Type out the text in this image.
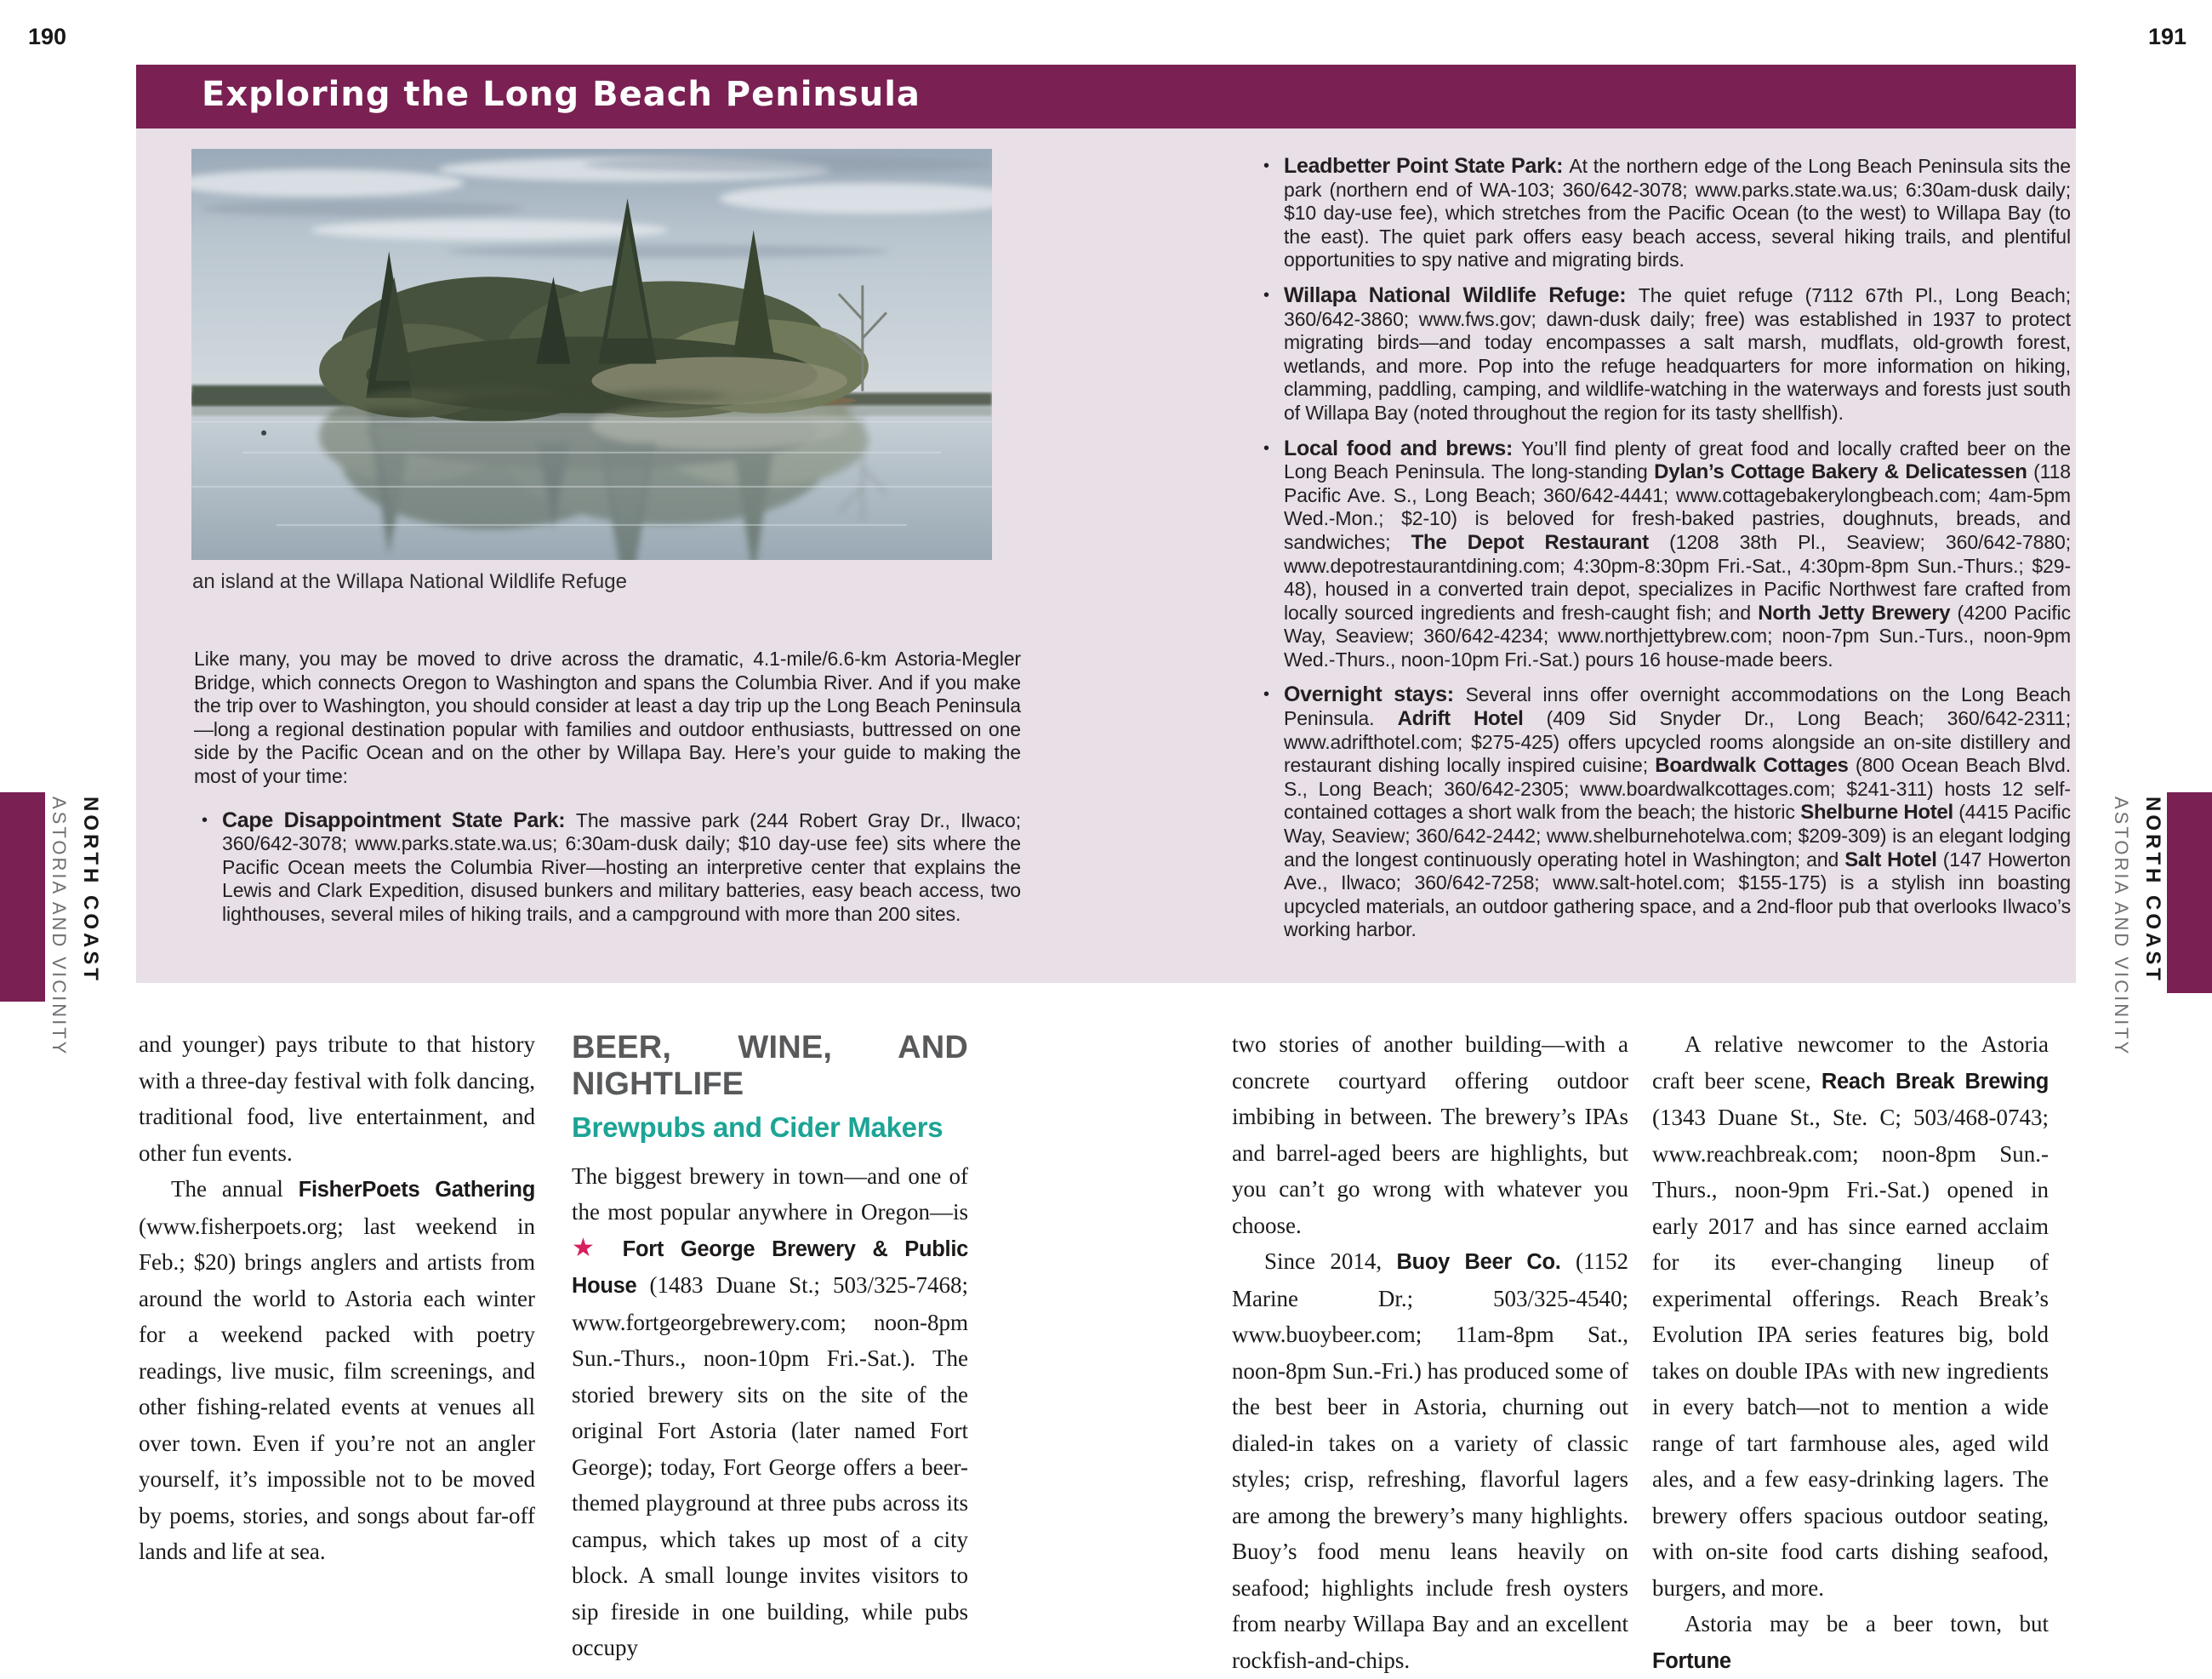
190	191
Exploring the Long Beach Peninsula
an island at the Willapa National Wildlife Refuge

Like many, you may be moved to drive across the dramatic, 4.1-mile/6.6-km Astoria-Megler Bridge, which connects Oregon to Washington and spans the Columbia River. And if you make the trip over to Washington, you should consider at least a day trip up the Long Beach Peninsula—long a regional destination popular with families and outdoor enthusiasts, buttressed on one side by the Pacific Ocean and on the other by Willapa Bay. Here’s your guide to making the most of your time:

• Cape Disappointment State Park: The massive park (244 Robert Gray Dr., Ilwaco; 360/642-3078; www.parks.state.wa.us; 6:30am-dusk daily; $10 day-use fee) sits where the Pacific Ocean meets the Columbia River—hosting an interpretive center that explains the Lewis and Clark Expedition, disused bunkers and military batteries, easy beach access, two lighthouses, several miles of hiking trails, and a campground with more than 200 sites.
• Leadbetter Point State Park: At the northern edge of the Long Beach Peninsula sits the park (northern end of WA-103; 360/642-3078; www.parks.state.wa.us; 6:30am-dusk daily; $10 day-use fee), which stretches from the Pacific Ocean (to the west) to Willapa Bay (to the east). The quiet park offers easy beach access, several hiking trails, and plentiful opportunities to spy native and migrating birds.
• Willapa National Wildlife Refuge: The quiet refuge (7112 67th Pl., Long Beach; 360/642-3860; www.fws.gov; dawn-dusk daily; free) was established in 1937 to protect migrating birds—and today encompasses a salt marsh, mudflats, old-growth forest, wetlands, and more. Pop into the refuge headquarters for more information on hiking, clamming, paddling, camping, and wildlife-watching in the waterways and forests just south of Willapa Bay (noted throughout the region for its tasty shellfish).
• Local food and brews: You’ll find plenty of great food and locally crafted beer on the Long Beach Peninsula. The long-standing Dylan’s Cottage Bakery & Delicatessen (118 Pacific Ave. S., Long Beach; 360/642-4441; www.cottagebakerylongbeach.com; 4am-5pm Wed.-Mon.; $2-10) is beloved for fresh-baked pastries, doughnuts, breads, and sandwiches; The Depot Restaurant (1208 38th Pl., Seaview; 360/642-7880; www.depotrestaurantdining.com; 4:30pm-8:30pm Fri.-Sat., 4:30pm-8pm Sun.-Thurs.; $29-48), housed in a converted train depot, specializes in Pacific Northwest fare crafted from locally sourced ingredients and fresh-caught fish; and North Jetty Brewery (4200 Pacific Way, Seaview; 360/642-4234; www.northjettybrew.com; noon-7pm Sun.-Turs., noon-9pm Wed.-Thurs., noon-10pm Fri.-Sat.) pours 16 house-made beers.
• Overnight stays: Several inns offer overnight accommodations on the Long Beach Peninsula. Adrift Hotel (409 Sid Snyder Dr., Long Beach; 360/642-2311; www.adrifthotel.com; $275-425) offers upcycled rooms alongside an on-site distillery and restaurant dishing locally inspired cuisine; Boardwalk Cottages (800 Ocean Beach Blvd. S., Long Beach; 360/642-2305; www.boardwalkcottages.com; $241-311) hosts 12 self-contained cottages a short walk from the beach; the historic Shelburne Hotel (4415 Pacific Way, Seaview; 360/642-2442; www.shelburnehotelwa.com; $209-309) is an elegant lodging and the longest continuously operating hotel in Washington; and Salt Hotel (147 Howerton Ave., Ilwaco; 360/642-7258; www.salt-hotel.com; $155-175) is a stylish inn boasting upcycled materials, an outdoor gathering space, and a 2nd-floor pub that overlooks Ilwaco’s working harbor.

and younger) pays tribute to that history with a three-day festival with folk dancing, traditional food, live entertainment, and other fun events.

The annual FisherPoets Gathering (www.fisherpoets.org; last weekend in Feb.; $20) brings anglers and artists from around the world to Astoria each winter for a weekend packed with poetry readings, live music, film screenings, and other fishing-related events at venues all over town. Even if you’re not an angler yourself, it’s impossible not to be moved by poems, stories, and songs about far-off lands and life at sea.

BEER, WINE, AND NIGHTLIFE
Brewpubs and Cider Makers

The biggest brewery in town—and one of the most popular anywhere in Oregon—is ★ Fort George Brewery & Public House (1483 Duane St.; 503/325-7468; www.fortgeorgebrewery.com; noon-8pm Sun.-Thurs., noon-10pm Fri.-Sat.). The storied brewery sits on the site of the original Fort Astoria (later named Fort George); today, Fort George offers a beer-themed playground at three pubs across its campus, which takes up most of a city block. A small lounge invites visitors to sip fireside in one building, while pubs occupy

two stories of another building—with a concrete courtyard offering outdoor imbibing in between. The brewery’s IPAs and barrel-aged beers are highlights, but you can’t go wrong with whatever you choose.

Since 2014, Buoy Beer Co. (1152 Marine Dr.; 503/325-4540; www.buoybeer.com; 11am-8pm Sat., noon-8pm Sun.-Fri.) has produced some of the best beer in Astoria, churning out dialed-in takes on a variety of classic styles; crisp, refreshing, flavorful lagers are among the brewery’s many highlights. Buoy’s food menu leans heavily on seafood; highlights include fresh oysters from nearby Willapa Bay and an excellent rockfish-and-chips.

A relative newcomer to the Astoria craft beer scene, Reach Break Brewing (1343 Duane St., Ste. C; 503/468-0743; www.reachbreak.com; noon-8pm Sun.-Thurs., noon-9pm Fri.-Sat.) opened in early 2017 and has since earned acclaim for its ever-changing lineup of experimental offerings. Reach Break’s Evolution IPA series features big, bold takes on double IPAs with new ingredients in every batch—not to mention a wide range of tart farmhouse ales, aged wild ales, and a few easy-drinking lagers. The brewery offers spacious outdoor seating, with on-site food carts dishing seafood, burgers, and more.

Astoria may be a beer town, but Fortune

ASTORIA AND VICINITY NORTH COAST	ASTORIA AND VICINITY NORTH COAST
